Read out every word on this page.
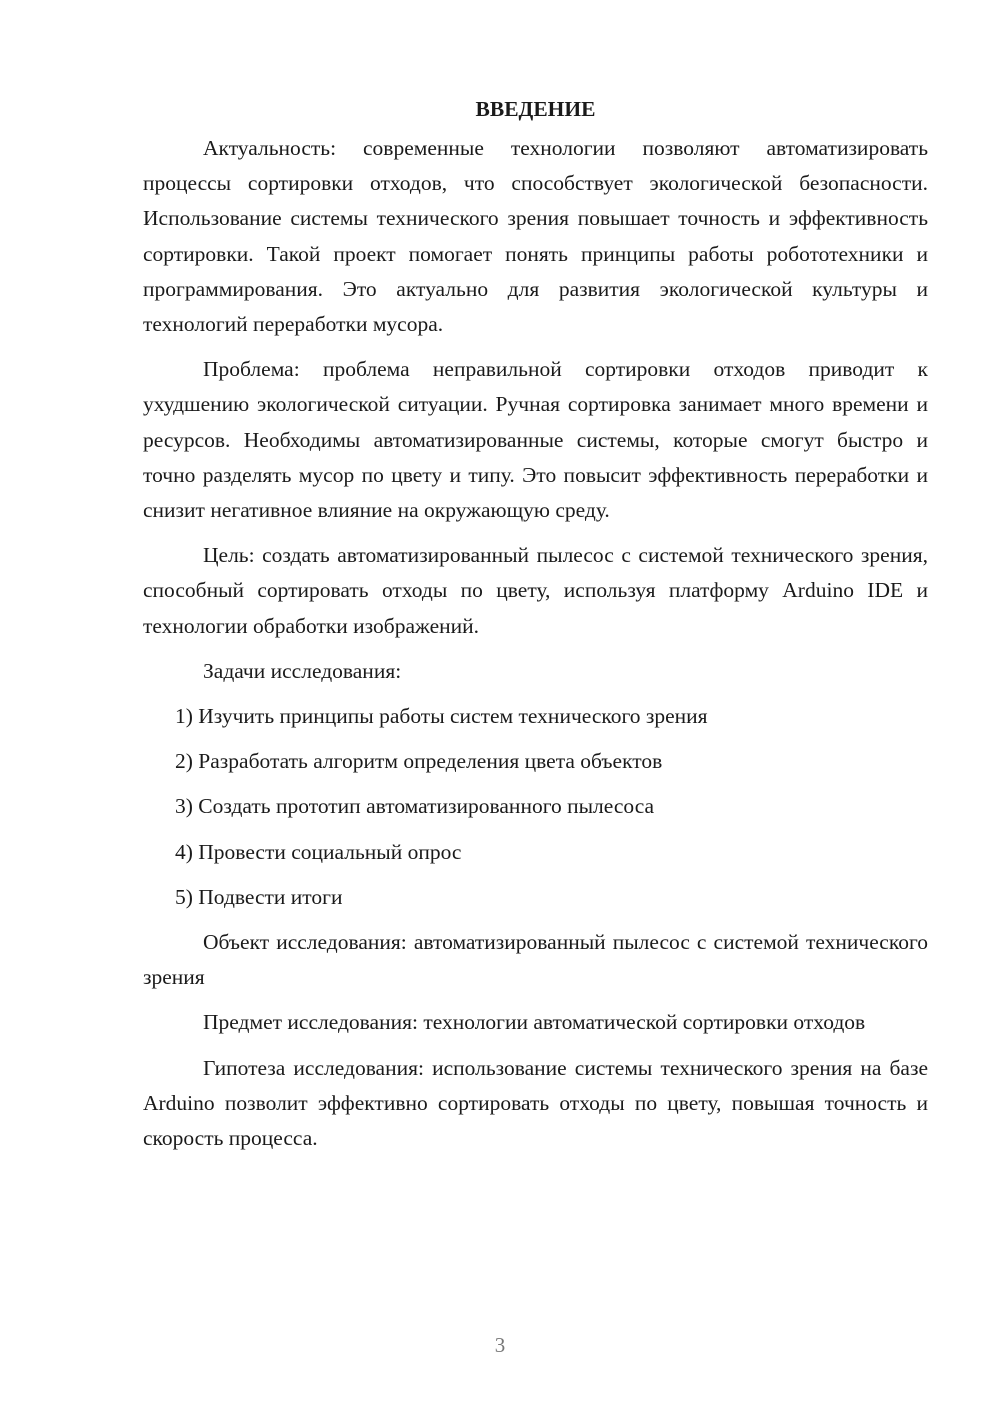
ВВЕДЕНИЕ

Актуальность: современные технологии позволяют автоматизировать процессы сортировки отходов, что способствует экологической безопасности. Использование системы технического зрения повышает точность и эффективность сортировки. Такой проект помогает понять принципы работы робототехники и программирования. Это актуально для развития экологической культуры и технологий переработки мусора.

Проблема: проблема неправильной сортировки отходов приводит к ухудшению экологической ситуации. Ручная сортировка занимает много времени и ресурсов. Необходимы автоматизированные системы, которые смогут быстро и точно разделять мусор по цвету и типу. Это повысит эффективность переработки и снизит негативное влияние на окружающую среду.

Цель: создать автоматизированный пылесос с системой технического зрения, способный сортировать отходы по цвету, используя платформу Arduino IDE и технологии обработки изображений.

Задачи исследования:

1) Изучить принципы работы систем технического зрения
2) Разработать алгоритм определения цвета объектов
3) Создать прототип автоматизированного пылесоса
4) Провести социальный опрос
5) Подвести итоги

Объект исследования: автоматизированный пылесос с системой технического зрения

Предмет исследования: технологии автоматической сортировки отходов

Гипотеза исследования: использование системы технического зрения на базе Arduino позволит эффективно сортировать отходы по цвету, повышая точность и скорость процесса.

3
